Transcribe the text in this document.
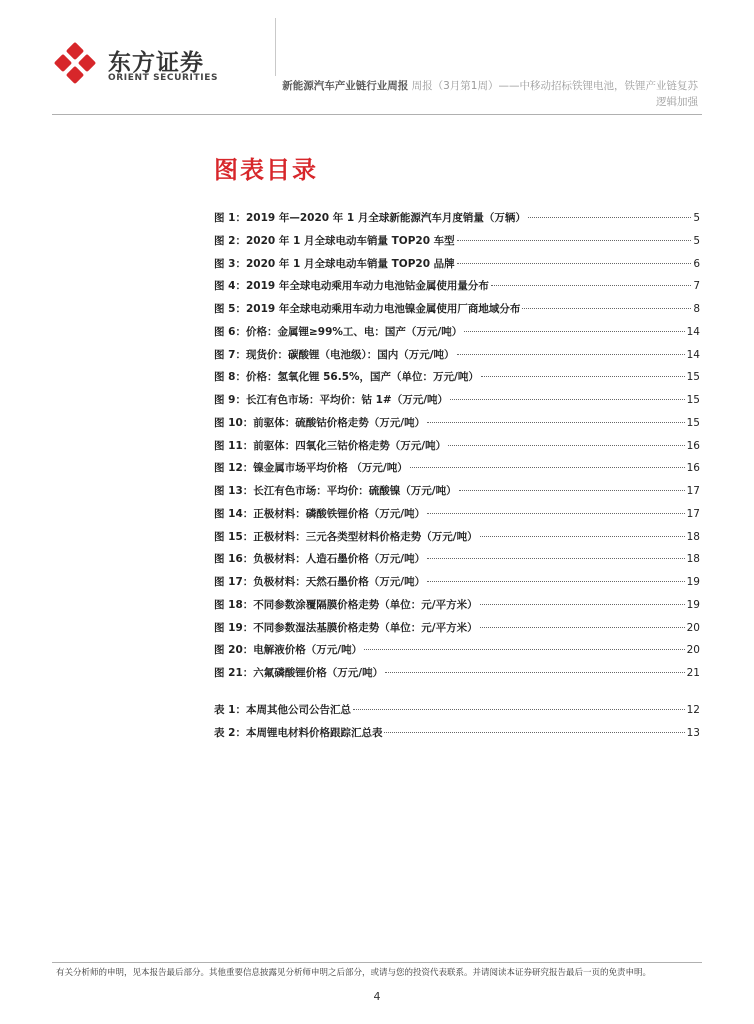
东方证券
ORIENT SECURITIES
新能源汽车产业链行业周报 周报（3月第1周）——中移动招标铁锂电池，铁锂产业链复苏
逻辑加强
图表目录
图 1：2019 年—2020 年 1 月全球新能源汽车月度销量（万辆）	5
图 2：2020 年 1 月全球电动车销量 TOP20 车型	5
图 3：2020 年 1 月全球电动车销量 TOP20 品牌	6
图 4：2019 年全球电动乘用车动力电池钴金属使用量分布	7
图 5：2019 年全球电动乘用车动力电池镍金属使用厂商地域分布	8
图 6：价格：金属锂≥99%工、电：国产（万元/吨）	14
图 7：现货价：碳酸锂（电池级）：国内（万元/吨）	14
图 8：价格：氢氧化锂 56.5%，国产（单位：万元/吨）	15
图 9：长江有色市场：平均价：钴 1#（万元/吨）	15
图 10：前驱体：硫酸钴价格走势（万元/吨）	15
图 11：前驱体：四氧化三钴价格走势（万元/吨）	16
图 12：镍金属市场平均价格 （万元/吨）	16
图 13：长江有色市场：平均价：硫酸镍（万元/吨）	17
图 14：正极材料：磷酸铁锂价格（万元/吨）	17
图 15：正极材料：三元各类型材料价格走势（万元/吨）	18
图 16：负极材料：人造石墨价格（万元/吨）	18
图 17：负极材料：天然石墨价格（万元/吨）	19
图 18：不同参数涂覆隔膜价格走势（单位：元/平方米）	19
图 19：不同参数湿法基膜价格走势（单位：元/平方米）	20
图 20：电解液价格（万元/吨）	20
图 21：六氟磷酸锂价格（万元/吨）	21
表 1：本周其他公司公告汇总	12
表 2：本周锂电材料价格跟踪汇总表	13
有关分析师的申明，见本报告最后部分。其他重要信息披露见分析师申明之后部分，或请与您的投资代表联系。并请阅读本证券研究报告最后一页的免责申明。
4
